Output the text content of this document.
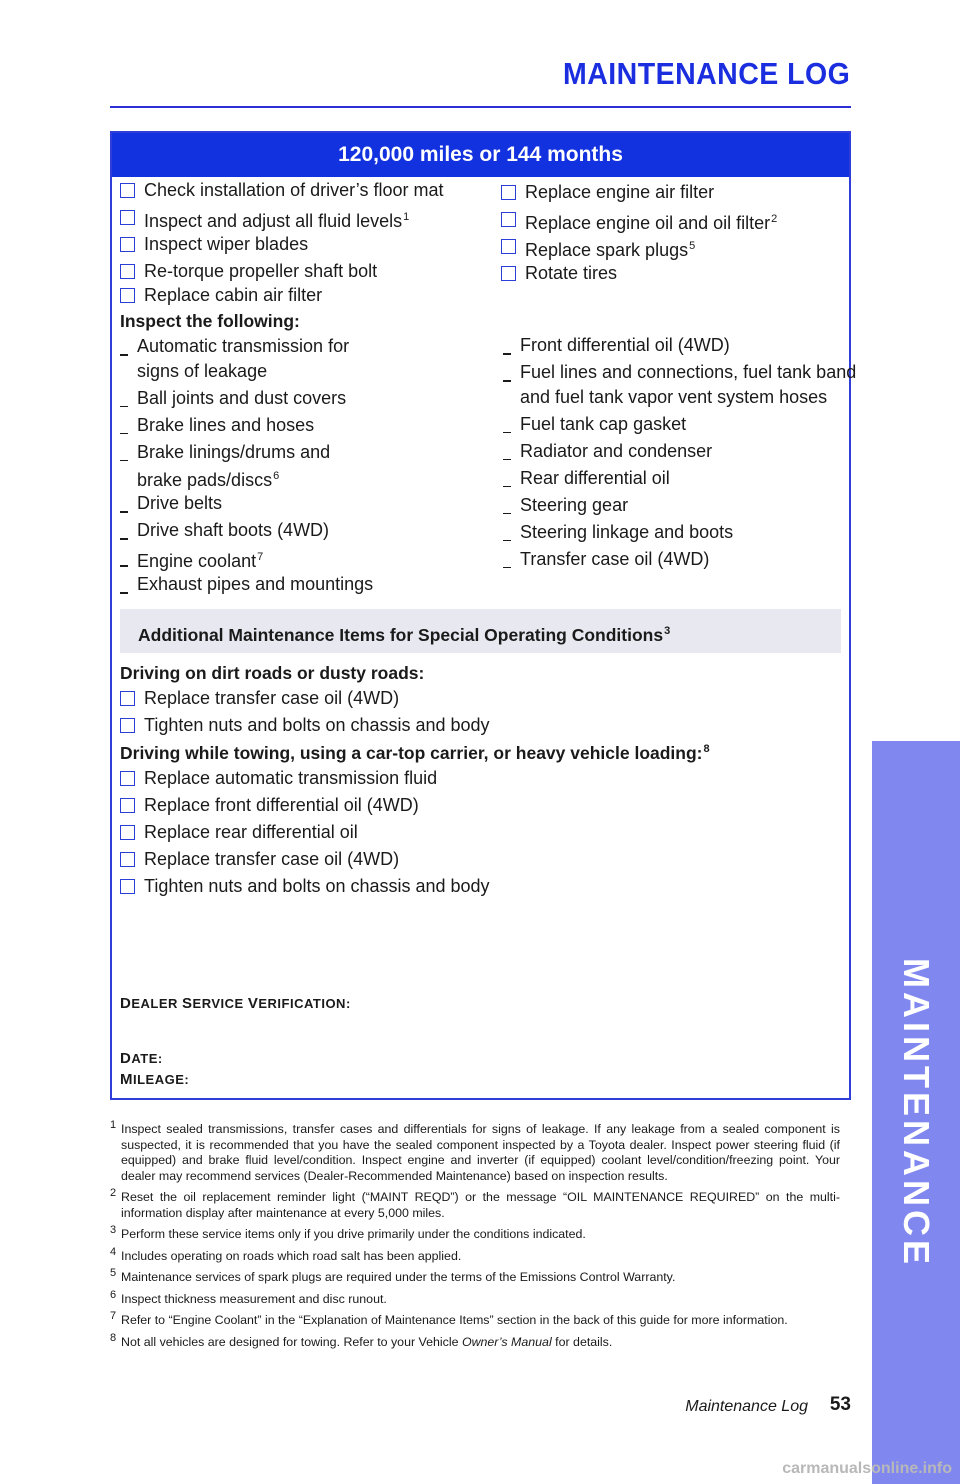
MAINTENANCE LOG
120,000 miles or 144 months
Check installation of driver’s floor mat
Inspect and adjust all fluid levels$^1$
Inspect wiper blades
Re-torque propeller shaft bolt
Replace cabin air filter
Replace engine air filter
Replace engine oil and oil filter$^2$
Replace spark plugs$^5$
Rotate tires
Inspect the following:
Automatic transmission for
signs of leakage
Ball joints and dust covers
Brake lines and hoses
Brake linings/drums and
brake pads/discs$^6$
Drive belts
Drive shaft boots (4WD)
Engine coolant$^7$
Exhaust pipes and mountings
Front differential oil (4WD)
Fuel lines and connections, fuel tank band
and fuel tank vapor vent system hoses
Fuel tank cap gasket
Radiator and condenser
Rear differential oil
Steering gear
Steering linkage and boots
Transfer case oil (4WD)
Additional Maintenance Items for Special Operating Conditions$^3$
Driving on dirt roads or dusty roads:
Replace transfer case oil (4WD)
Tighten nuts and bolts on chassis and body
Driving while towing, using a car-top carrier, or heavy vehicle loading:$^8$
Replace automatic transmission fluid
Replace front differential oil (4WD)
Replace rear differential oil
Replace transfer case oil (4WD)
Tighten nuts and bolts on chassis and body
DEALER SERVICE VERIFICATION:
DATE:
MILEAGE:
1 Inspect sealed transmissions, transfer cases and differentials for signs of leakage. If any leakage from a sealed component is suspected, it is recommended that you have the sealed component inspected by a Toyota dealer. Inspect power steering fluid (if equipped) and brake fluid level/condition. Inspect engine and inverter (if equipped) coolant level/condition/freezing point. Your dealer may recommend services (Dealer-Recommended Maintenance) based on inspection results.
2 Reset the oil replacement reminder light (“MAINT REQD”) or the message “OIL MAINTENANCE REQUIRED” on the multi-information display after maintenance at every 5,000 miles.
3 Perform these service items only if you drive primarily under the conditions indicated.
4 Includes operating on roads which road salt has been applied.
5 Maintenance services of spark plugs are required under the terms of the Emissions Control Warranty.
6 Inspect thickness measurement and disc runout.
7 Refer to “Engine Coolant” in the “Explanation of Maintenance Items” section in the back of this guide for more information.
8 Not all vehicles are designed for towing. Refer to your Vehicle Owner’s Manual for details.
Maintenance Log 53
MAINTENANCE
carmanualsonline.info
